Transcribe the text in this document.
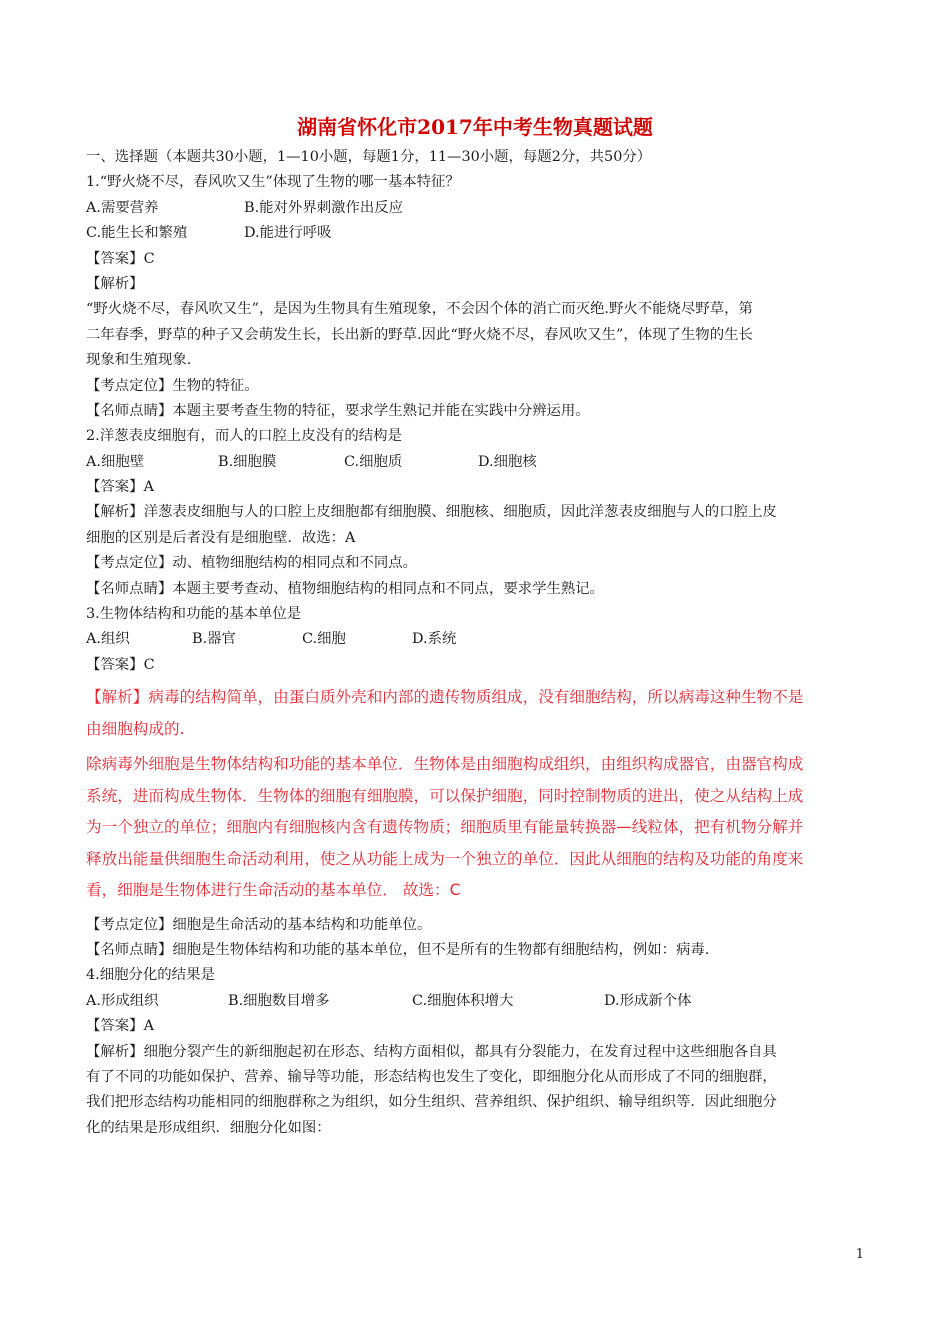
湖南省怀化市2017年中考生物真题试题
一、选择题（本题共30小题，1—10小题，每题1分，11—30小题，每题2分，共50分）
1.“野火烧不尽，春风吹又生”体现了生物的哪一基本特征？
A.需要营养	B.能对外界刺激作出反应
C.能生长和繁殖	D.能进行呼吸
【答案】C
【解析】
“野火烧不尽，春风吹又生”，是因为生物具有生殖现象，不会因个体的消亡而灭绝.野火不能烧尽野草，第
二年春季，野草的种子又会萌发生长，长出新的野草.因此“野火烧不尽，春风吹又生”，体现了生物的生长
现象和生殖现象.
【考点定位】生物的特征。
【名师点睛】本题主要考查生物的特征，要求学生熟记并能在实践中分辨运用。
2.洋葱表皮细胞有，而人的口腔上皮没有的结构是
A.细胞壁	B.细胞膜	C.细胞质	D.细胞核
【答案】A
【解析】洋葱表皮细胞与人的口腔上皮细胞都有细胞膜、细胞核、细胞质，因此洋葱表皮细胞与人的口腔上皮
细胞的区别是后者没有是细胞壁．故选：A
【考点定位】动、植物细胞结构的相同点和不同点。
【名师点睛】本题主要考查动、植物细胞结构的相同点和不同点，要求学生熟记。
3.生物体结构和功能的基本单位是
A.组织	B.器官	C.细胞	D.系统
【答案】C
【解析】病毒的结构简单，由蛋白质外壳和内部的遗传物质组成，没有细胞结构，所以病毒这种生物不是
由细胞构成的.
除病毒外细胞是生物体结构和功能的基本单位．生物体是由细胞构成组织，由组织构成器官，由器官构成
系统，进而构成生物体．生物体的细胞有细胞膜，可以保护细胞，同时控制物质的进出，使之从结构上成
为一个独立的单位；细胞内有细胞核内含有遗传物质；细胞质里有能量转换器—线粒体，把有机物分解并
释放出能量供细胞生命活动利用，使之从功能上成为一个独立的单位．因此从细胞的结构及功能的角度来
看，细胞是生物体进行生命活动的基本单位． 故选：C
【考点定位】细胞是生命活动的基本结构和功能单位。
【名师点睛】细胞是生物体结构和功能的基本单位，但不是所有的生物都有细胞结构，例如：病毒.
4.细胞分化的结果是
A.形成组织	B.细胞数目增多	C.细胞体积增大	D.形成新个体
【答案】A
【解析】细胞分裂产生的新细胞起初在形态、结构方面相似，都具有分裂能力，在发育过程中这些细胞各自具
有了不同的功能如保护、营养、输导等功能，形态结构也发生了变化，即细胞分化从而形成了不同的细胞群，
我们把形态结构功能相同的细胞群称之为组织，如分生组织、营养组织、保护组织、输导组织等．因此细胞分
化的结果是形成组织．细胞分化如图：
1
